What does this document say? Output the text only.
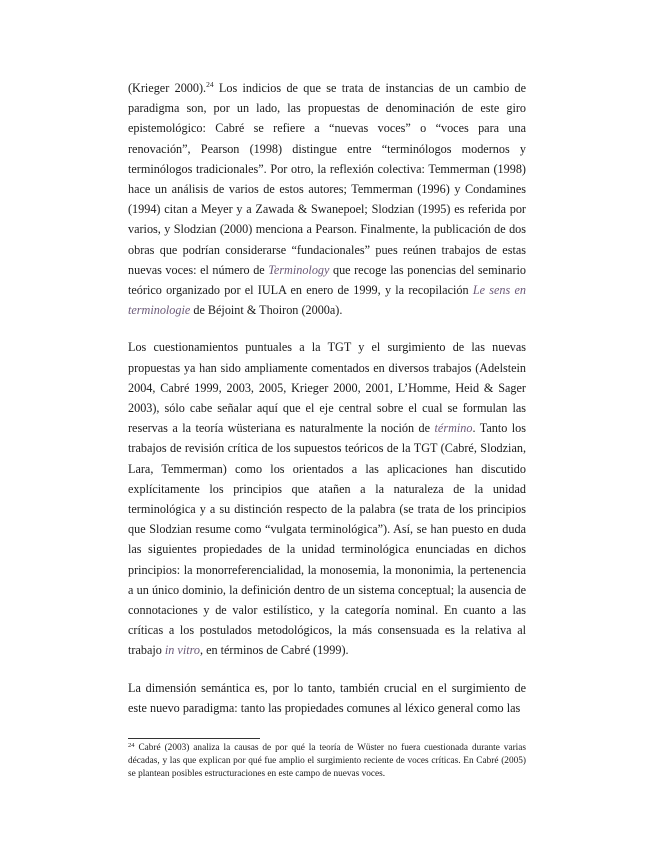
(Krieger 2000).$^{24}$ Los indicios de que se trata de instancias de un cambio de paradigma son, por un lado, las propuestas de denominación de este giro epistemológico: Cabré se refiere a “nuevas voces” o “voces para una renovación”, Pearson (1998) distingue entre “terminólogos modernos y terminólogos tradicionales”. Por otro, la reflexión colectiva: Temmerman (1998) hace un análisis de varios de estos autores; Temmerman (1996) y Condamines (1994) citan a Meyer y a Zawada & Swanepoel; Slodzian (1995) es referida por varios, y Slodzian (2000) menciona a Pearson. Finalmente, la publicación de dos obras que podrían considerarse “fundacionales” pues reúnen trabajos de estas nuevas voces: el número de Terminology que recoge las ponencias del seminario teórico organizado por el IULA en enero de 1999, y la recopilación Le sens en terminologie de Béjoint & Thoiron (2000a).

Los cuestionamientos puntuales a la TGT y el surgimiento de las nuevas propuestas ya han sido ampliamente comentados en diversos trabajos (Adelstein 2004, Cabré 1999, 2003, 2005, Krieger 2000, 2001, L’Homme, Heid & Sager 2003), sólo cabe señalar aquí que el eje central sobre el cual se formulan las reservas a la teoría wüsteriana es naturalmente la noción de término. Tanto los trabajos de revisión crítica de los supuestos teóricos de la TGT (Cabré, Slodzian, Lara, Temmerman) como los orientados a las aplicaciones han discutido explícitamente los principios que atañen a la naturaleza de la unidad terminológica y a su distinción respecto de la palabra (se trata de los principios que Slodzian resume como “vulgata terminológica”). Así, se han puesto en duda las siguientes propiedades de la unidad terminológica enunciadas en dichos principios: la monorreferencialidad, la monosemia, la mononimia, la pertenencia a un único dominio, la definición dentro de un sistema conceptual; la ausencia de connotaciones y de valor estilístico, y la categoría nominal. En cuanto a las críticas a los postulados metodológicos, la más consensuada es la relativa al trabajo in vitro, en términos de Cabré (1999).

La dimensión semántica es, por lo tanto, también crucial en el surgimiento de este nuevo paradigma: tanto las propiedades comunes al léxico general como las

$^{24}$ Cabré (2003) analiza la causas de por qué la teoría de Wüster no fuera cuestionada durante varias décadas, y las que explican por qué fue amplio el surgimiento reciente de voces críticas. En Cabré (2005) se plantean posibles estructuraciones en este campo de nuevas voces.
